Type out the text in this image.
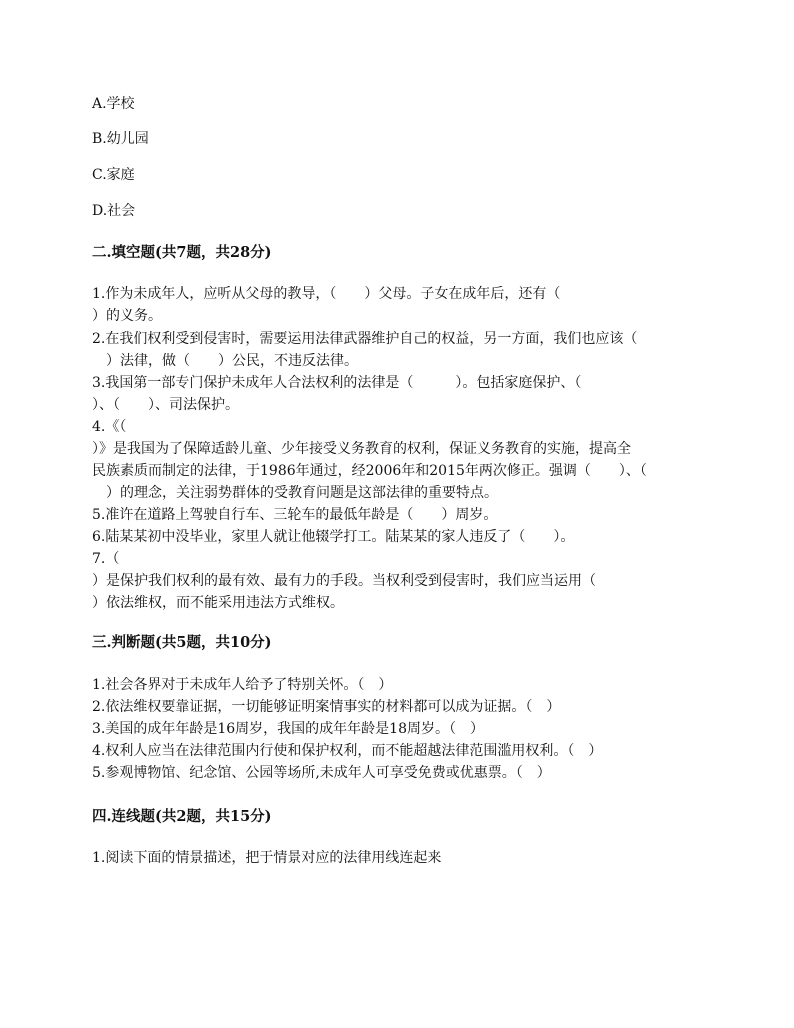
A.学校
B.幼儿园
C.家庭
D.社会
二.填空题(共7题，共28分)
1.作为未成年人，应听从父母的教导，（　　）父母。子女在成年后，还有（
）的义务。
2.在我们权利受到侵害时，需要运用法律武器维护自己的权益，另一方面，我们也应该（
　）法律，做（　　）公民，不违反法律。
3.我国第一部专门保护未成年人合法权利的法律是（　　　）。包括家庭保护、（
）、（　　）、司法保护。
4.《（
）》是我国为了保障适龄儿童、少年接受义务教育的权利，保证义务教育的实施，提高全
民族素质而制定的法律，于1986年通过，经2006年和2015年两次修正。强调（　　）、（
　）的理念，关注弱势群体的受教育问题是这部法律的重要特点。
5.准许在道路上驾驶自行车、三轮车的最低年龄是（　　）周岁。
6.陆某某初中没毕业，家里人就让他辍学打工。陆某某的家人违反了（　　）。
7.（
）是保护我们权利的最有效、最有力的手段。当权利受到侵害时，我们应当运用（
）依法维权，而不能采用违法方式维权。
三.判断题(共5题，共10分)
1.社会各界对于未成年人给予了特别关怀。（　）
2.依法维权要靠证据，一切能够证明案情事实的材料都可以成为证据。（　）
3.美国的成年年龄是16周岁，我国的成年年龄是18周岁。（　）
4.权利人应当在法律范围内行使和保护权利，而不能超越法律范围滥用权利。（　）
5.参观博物馆、纪念馆、公园等场所,未成年人可享受免费或优惠票。（　）
四.连线题(共2题，共15分)
1.阅读下面的情景描述，把于情景对应的法律用线连起来
